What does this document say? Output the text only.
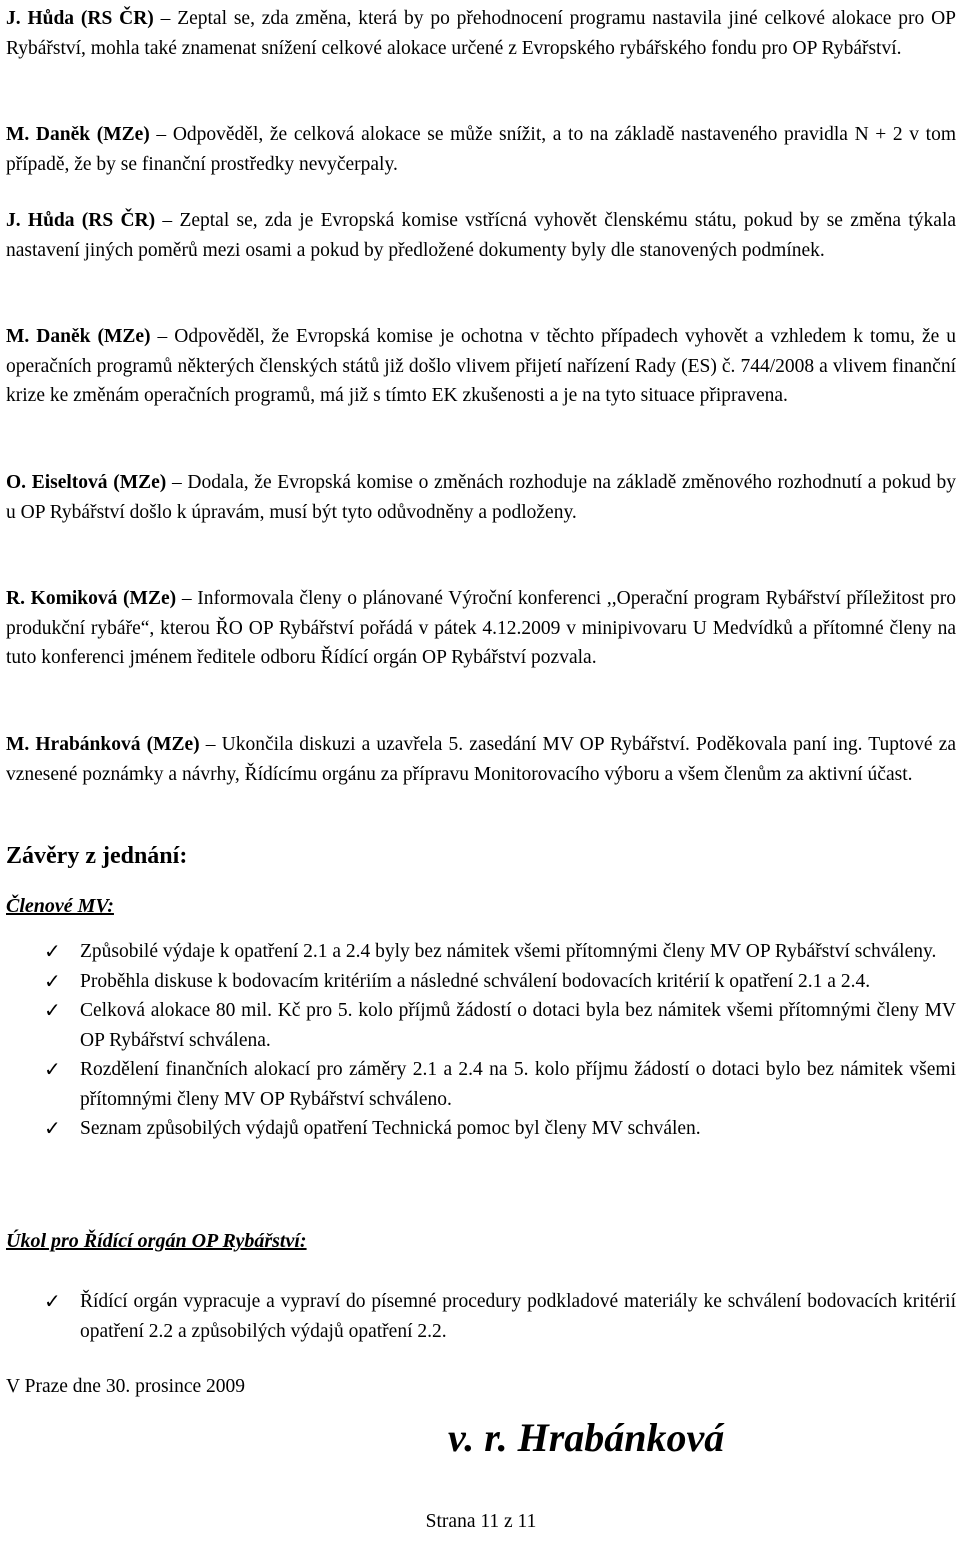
J. Hůda (RS ČR) – Zeptal se, zda změna, která by po přehodnocení programu nastavila jiné celkové alokace pro OP Rybářství, mohla také znamenat snížení celkové alokace určené z Evropského rybářského fondu pro OP Rybářství.

M. Daněk (MZe) – Odpověděl, že celková alokace se může snížit, a to na základě nastaveného pravidla N + 2 v tom případě, že by se finanční prostředky nevyčerpaly.

J. Hůda (RS ČR) – Zeptal se, zda je Evropská komise vstřícná vyhovět členskému státu, pokud by se změna týkala nastavení jiných poměrů mezi osami a pokud by předložené dokumenty byly dle stanovených podmínek.

M. Daněk (MZe) – Odpověděl, že Evropská komise je ochotna v těchto případech vyhovět a vzhledem k tomu, že u operačních programů některých členských států již došlo vlivem přijetí nařízení Rady (ES) č. 744/2008 a vlivem finanční krize ke změnám operačních programů, má již s tímto EK zkušenosti a je na tyto situace připravena.

O. Eiseltová (MZe) – Dodala, že Evropská komise o změnách rozhoduje na základě změnového rozhodnutí a pokud by u OP Rybářství došlo k úpravám, musí být tyto odůvodněny a podloženy.

R. Komiková (MZe) – Informovala členy o plánované Výroční konferenci ,,Operační program Rybářství příležitost pro produkční rybáře“, kterou ŘO OP Rybářství pořádá v pátek 4.12.2009 v minipivovaru U Medvídků a přítomné členy na tuto konferenci jménem ředitele odboru Řídící orgán OP Rybářství pozvala.

M. Hrabánková (MZe) – Ukončila diskuzi a uzavřela 5. zasedání MV OP Rybářství. Poděkovala paní ing. Tuptové za vznesené poznámky a návrhy, Řídícímu orgánu za přípravu Monitorovacího výboru a všem členům za aktivní účast.

Závěry z jednání:
Členové MV:
✓ Způsobilé výdaje k opatření 2.1 a 2.4 byly bez námitek všemi přítomnými členy MV OP Rybářství schváleny.
✓ Proběhla diskuse k bodovacím kritériím a následné schválení bodovacích kritérií k opatření 2.1 a 2.4.
✓ Celková alokace 80 mil. Kč pro 5. kolo příjmů žádostí o dotaci byla bez námitek všemi přítomnými členy MV OP Rybářství schválena.
✓ Rozdělení finančních alokací pro záměry 2.1 a 2.4 na 5. kolo příjmu žádostí o dotaci bylo bez námitek všemi přítomnými členy MV OP Rybářství schváleno.
✓ Seznam způsobilých výdajů opatření Technická pomoc byl členy MV schválen.
Úkol pro Řídící orgán OP Rybářství:
✓ Řídící orgán vypracuje a vypraví do písemné procedury podkladové materiály ke schválení bodovacích kritérií opatření 2.2 a způsobilých výdajů opatření 2.2.

V Praze dne 30. prosince 2009

v. r. Hrabánková

Strana 11 z 11
